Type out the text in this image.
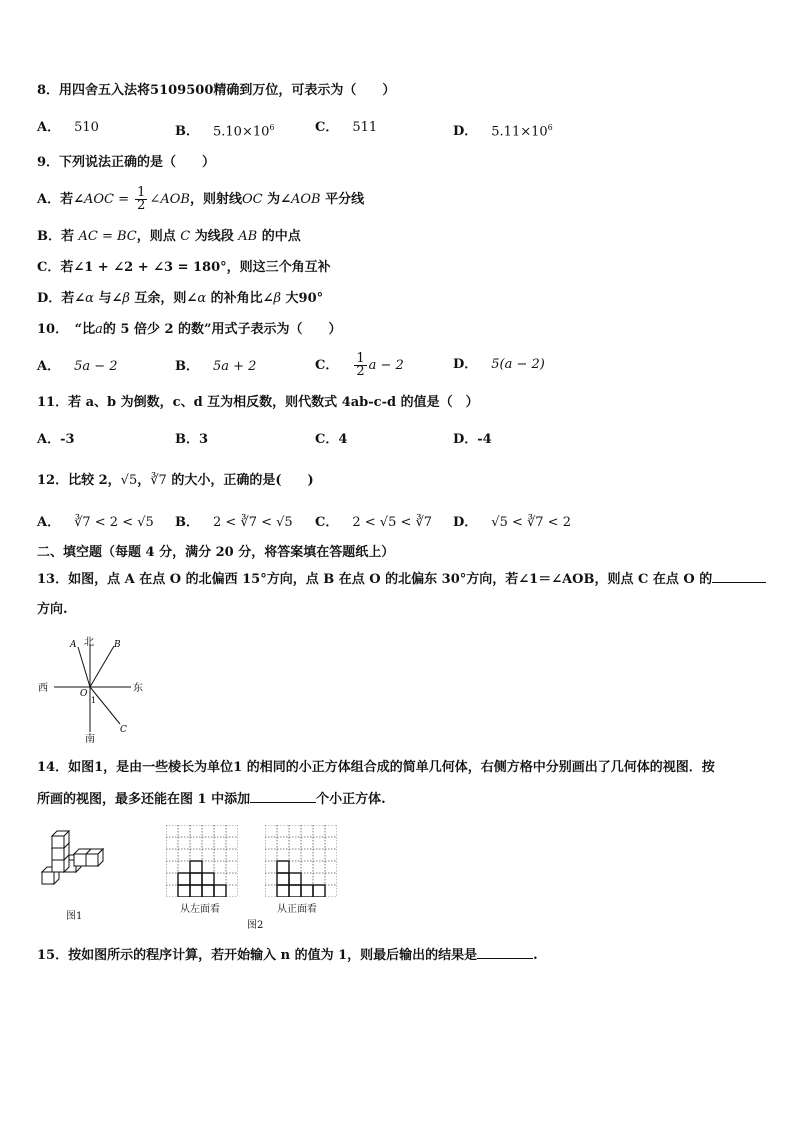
8．用四舍五入法将5109500精确到万位，可表示为（　　）
A． 510	B． $5.10\times 10^6$	C． 511	D． $5.11\times 10^6$
9．下列说法正确的是（　　）
A．若∠AOC = $\frac{1}{2}$ ∠AOB，则射线OC 为∠AOB 平分线
B．若 AC = BC，则点 C 为线段 AB 的中点
C．若∠1 + ∠2 + ∠3 = 180°，则这三个角互补
D．若∠α 与∠β 互余，则∠α 的补角比∠β 大90°
10．　“比a的 5 倍少 2 的数”用式子表示为（　　）
A． 5a − 2	B． 5a + 2	C． $\frac{1}{2}$ a − 2	D． 5(a − 2)
11．若 a、b 为倒数，c、d 互为相反数，则代数式 4ab-c-d 的值是（　）
A．-3	B．3	C．4	D．-4
12．比较 2，√5，∛7 的大小，正确的是(　　)
A． ∛7 < 2 < √5 B． 2 < ∛7 < √5 C． 2 < √5 < ∛7 D． √5 < ∛7 < 2
二、填空题（每题 4 分，满分 20 分，将答案填在答题纸上）
13．如图，点 A 在点 O 的北偏西 15°方向，点 B 在点 O 的北偏东 30°方向，若∠1＝∠AOB，则点 C 在点 O 的
方向.
北
A	B
西	东
O
1
C
南
14．如图1，是由一些棱长为单位1 的相同的小正方体组合成的简单几何体，右侧方格中分别画出了几何体的视图．按
所画的视图，最多还能在图 1 中添加	个小正方体.
图1
从左面看	从正面看
图2
15．按如图所示的程序计算，若开始输入 n 的值为 1，则最后输出的结果是	.
